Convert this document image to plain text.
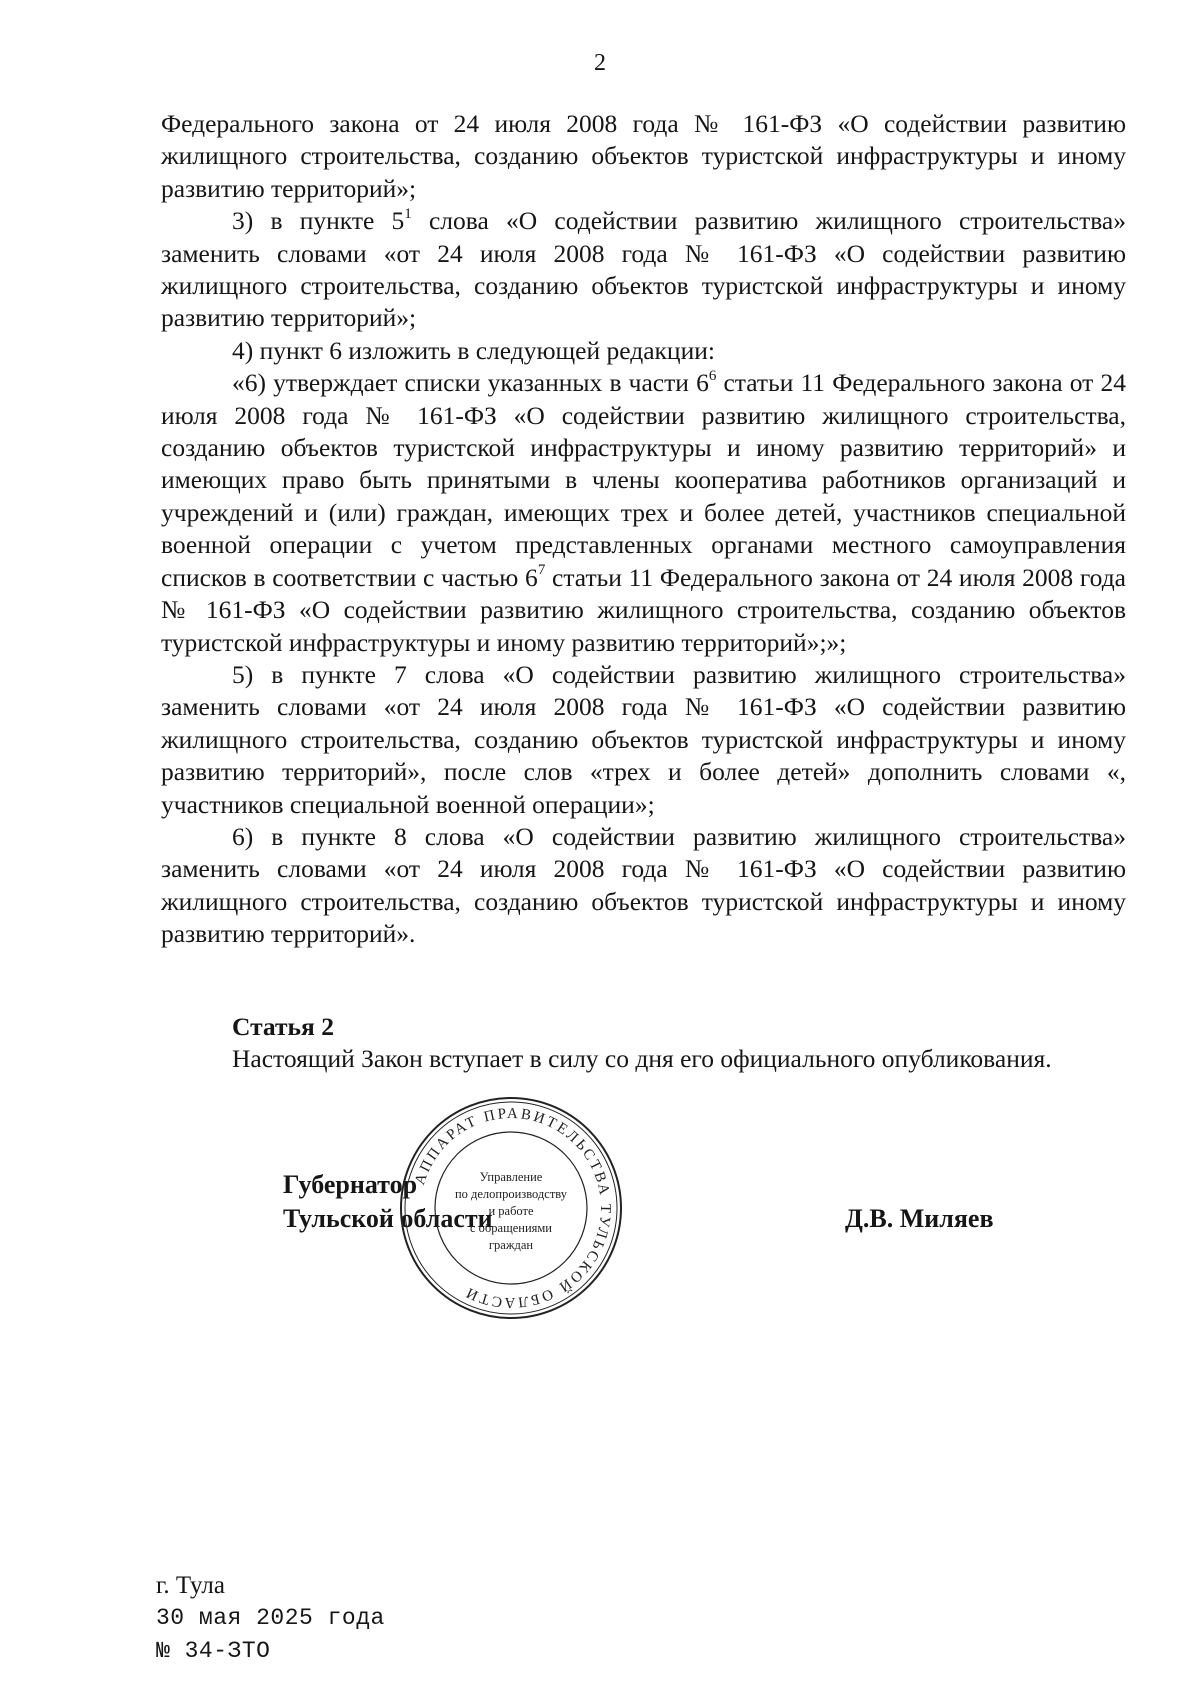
2

Федерального закона от 24 июля 2008 года № 161-ФЗ «О содействии развитию жилищного строительства, созданию объектов туристской инфраструктуры и иному развитию территорий»;

3) в пункте $5^1$ слова «О содействии развитию жилищного строительства» заменить словами «от 24 июля 2008 года № 161-ФЗ «О содействии развитию жилищного строительства, созданию объектов туристской инфраструктуры и иному развитию территорий»;

4) пункт 6 изложить в следующей редакции:

«6) утверждает списки указанных в части $6^6$ статьи 11 Федерального закона от 24 июля 2008 года № 161-ФЗ «О содействии развитию жилищного строительства, созданию объектов туристской инфраструктуры и иному развитию территорий» и имеющих право быть принятыми в члены кооператива работников организаций и учреждений и (или) граждан, имеющих трех и более детей, участников специальной военной операции с учетом представленных органами местного самоуправления списков в соответствии с частью $6^7$ статьи 11 Федерального закона от 24 июля 2008 года № 161-ФЗ «О содействии развитию жилищного строительства, созданию объектов туристской инфраструктуры и иному развитию территорий»;»;

5) в пункте 7 слова «О содействии развитию жилищного строительства» заменить словами «от 24 июля 2008 года № 161-ФЗ «О содействии развитию жилищного строительства, созданию объектов туристской инфраструктуры и иному развитию территорий», после слов «трех и более детей» дополнить словами «, участников специальной военной операции»;

6) в пункте 8 слова «О содействии развитию жилищного строительства» заменить словами «от 24 июля 2008 года № 161-ФЗ «О содействии развитию жилищного строительства, созданию объектов туристской инфраструктуры и иному развитию территорий».

Статья 2
Настоящий Закон вступает в силу со дня его официального опубликования.
Губернатор
Тульской области	Д.В. Миляев
АППАРАТ ПРАВИТЕЛЬСТВА ТУЛЬСКОЙ ОБЛАСТИ
Управление
по делопроизводству
и работе
с обращениями
граждан
г. Тула
30 мая 2025 года
№ 34-ЗТО
